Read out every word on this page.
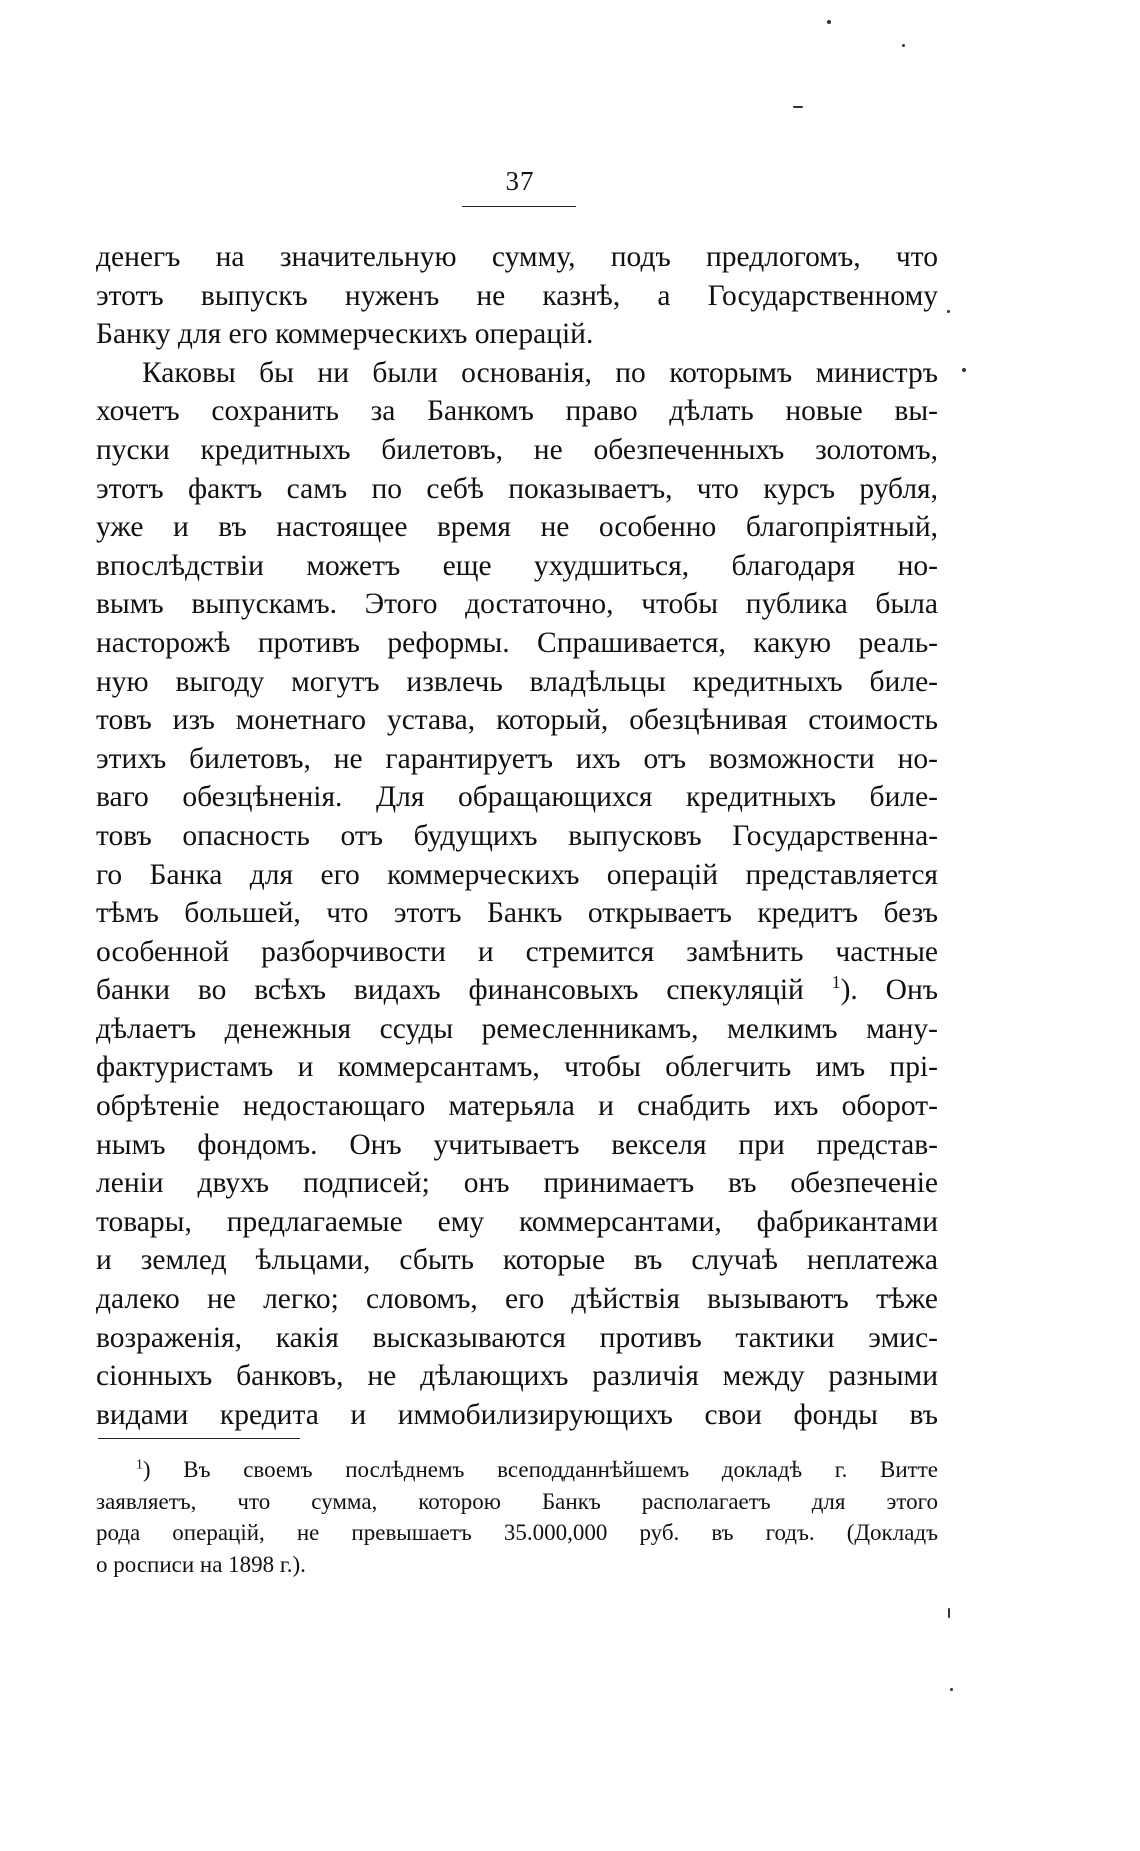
37
денегъ на значительную сумму, подъ предлогомъ, что
этотъ выпускъ нуженъ не казнѣ, а Государственному
Банку для его коммерческихъ операцій.
Каковы бы ни были основанія, по которымъ министръ
хочетъ сохранить за Банкомъ право дѣлать новые вы-
пуски кредитныхъ билетовъ, не обезпеченныхъ золотомъ,
этотъ фактъ самъ по себѣ показываетъ, что курсъ рубля,
уже и въ настоящее время не особенно благопріятный,
впослѣдствіи можетъ еще ухудшиться, благодаря но-
вымъ выпускамъ. Этого достаточно, чтобы публика была
насторожѣ противъ реформы. Спрашивается, какую реаль-
ную выгоду могутъ извлечь владѣльцы кредитныхъ биле-
товъ изъ монетнаго устава, который, обезцѣнивая стоимость
этихъ билетовъ, не гарантируетъ ихъ отъ возможности но-
ваго обезцѣненія. Для обращающихся кредитныхъ биле-
товъ опасность отъ будущихъ выпусковъ Государственна-
го Банка для его коммерческихъ операцій представляется
тѣмъ большей, что этотъ Банкъ открываетъ кредитъ безъ
особенной разборчивости и стремится замѣнить частные
банки во всѣхъ видахъ финансовыхъ спекуляцій $^1$). Онъ
дѣлаетъ денежныя ссуды ремесленникамъ, мелкимъ ману-
фактуристамъ и коммерсантамъ, чтобы облегчить имъ прі-
обрѣтеніе недостающаго матерьяла и снабдить ихъ оборот-
нымъ фондомъ. Онъ учитываетъ векселя при представ-
леніи двухъ подписей; онъ принимаетъ въ обезпеченіе
товары, предлагаемые ему коммерсантами, фабрикантами
и землед ѣльцами, сбыть которые въ случаѣ неплатежа
далеко не легко; словомъ, его дѣйствія вызываютъ тѣже
возраженія, какія высказываются противъ тактики эмис-
сіонныхъ банковъ, не дѣлающихъ различія между разными
видами кредита и иммобилизирующихъ свои фонды въ
$^1$) Въ своемъ послѣднемъ всеподданнѣйшемъ докладѣ г. Витте
заявляетъ, что сумма, которою Банкъ располагаетъ для этого
рода операцій, не превышаетъ 35.000,000 руб. въ годъ. (Докладъ
о росписи на 1898 г.).
